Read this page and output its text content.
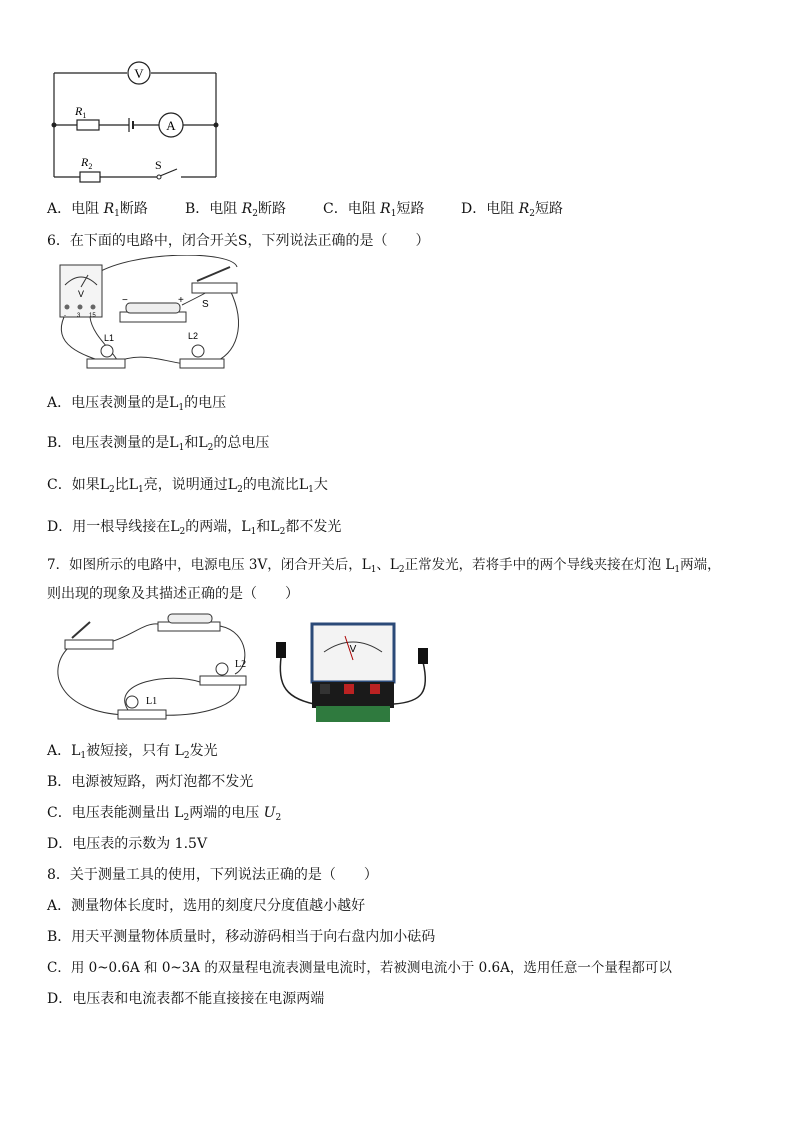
V
A
$R_1$
$R_2$	S
A．电阻 $R_1$断路	B．电阻 $R_2$断路	C．电阻 $R_1$短路	D．电阻 $R_2$短路
6．在下面的电路中，闭合开关S，下列说法正确的是（　　）
V
- 3 15
−	+ S
L1	L2
A．电压表测量的是$L_1$的电压
B．电压表测量的是$L_1$和$L_2$的总电压
C．如果$L_2$比$L_1$亮，说明通过$L_2$的电流比$L_1$大
D．用一根导线接在$L_2$的两端，$L_1$和$L_2$都不发光
7．如图所示的电路中，电源电压 3V，闭合开关后，$L_1$、$L_2$正常发光，若将手中的两个导线夹接在灯泡 $L_1$两端，
则出现的现象及其描述正确的是（　　）
L2
L1
V
A．$L_1$被短接，只有 $L_2$发光
B．电源被短路，两灯泡都不发光
C．电压表能测量出 $L_2$两端的电压 $U_2$
D．电压表的示数为 1.5V
8．关于测量工具的使用，下列说法正确的是（　　）
A．测量物体长度时，选用的刻度尺分度值越小越好
B．用天平测量物体质量时，移动游码相当于向右盘内加小砝码
C．用 0~0.6A 和 0~3A 的双量程电流表测量电流时，若被测电流小于 0.6A，选用任意一个量程都可以
D．电压表和电流表都不能直接接在电源两端
